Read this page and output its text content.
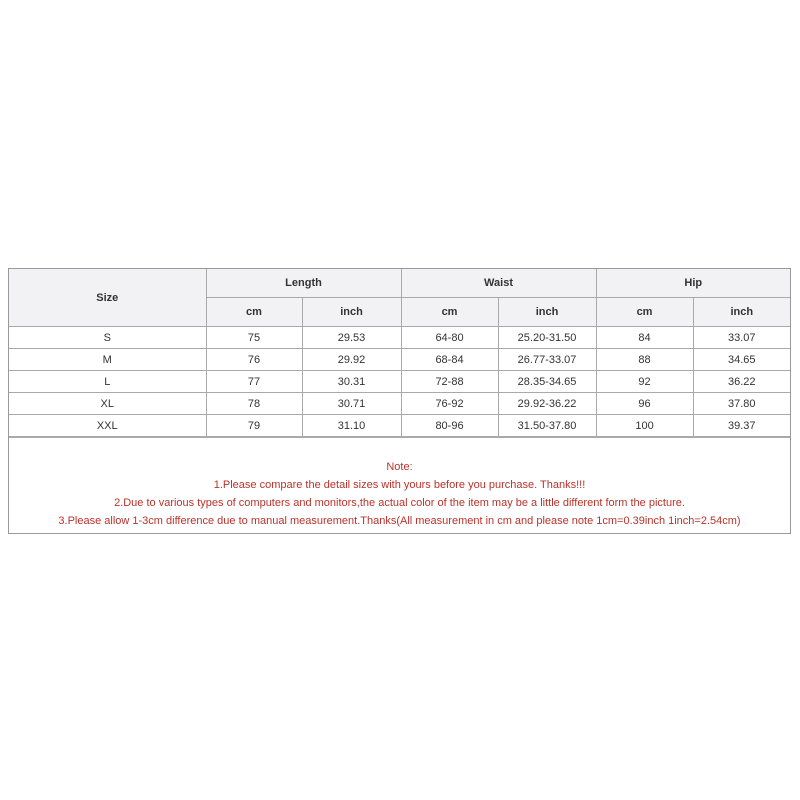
Size	Length		Waist		Hip	
	cm	inch	cm	inch	cm	inch
S	75	29.53	64-80	25.20-31.50	84	33.07
M	76	29.92	68-84	26.77-33.07	88	34.65
L	77	30.31	72-88	28.35-34.65	92	36.22
XL	78	30.71	76-92	29.92-36.22	96	37.80
XXL	79	31.10	80-96	31.50-37.80	100	39.37
Note:
1.Please compare the detail sizes with yours before you purchase. Thanks!!!
2.Due to various types of computers and monitors,the actual color of the item may be a little different form the picture.
3.Please allow 1-3cm difference due to manual measurement.Thanks(All measurement in cm and please note 1cm=0.39inch 1inch=2.54cm)
